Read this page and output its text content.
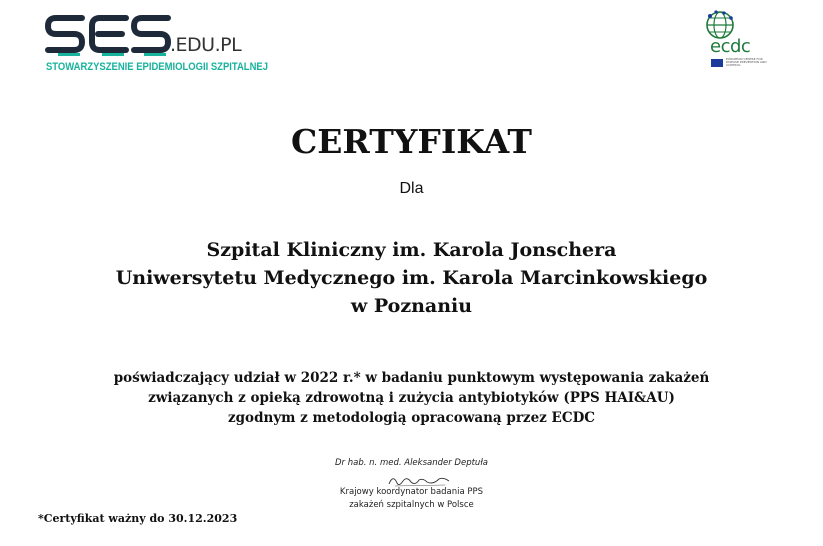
.EDU.PL
STOWARZYSZENIE EPIDEMIOLOGII SZPITALNEJ
ecdc
EUROPEAN CENTRE FOR DISEASE PREVENTION AND CONTROL
CERTYFIKAT
Dla
Szpital Kliniczny im. Karola Jonschera
Uniwersytetu Medycznego im. Karola Marcinkowskiego
w Poznaniu
poświadczający udział w 2022 r.* w badaniu punktowym występowania zakażeń
związanych z opieką zdrowotną i zużycia antybiotyków (PPS HAI&AU)
zgodnym z metodologią opracowaną przez ECDC
Dr hab. n. med. Aleksander Deptuła
Krajowy koordynator badania PPS
zakażeń szpitalnych w Polsce
*Certyfikat ważny do 30.12.2023
